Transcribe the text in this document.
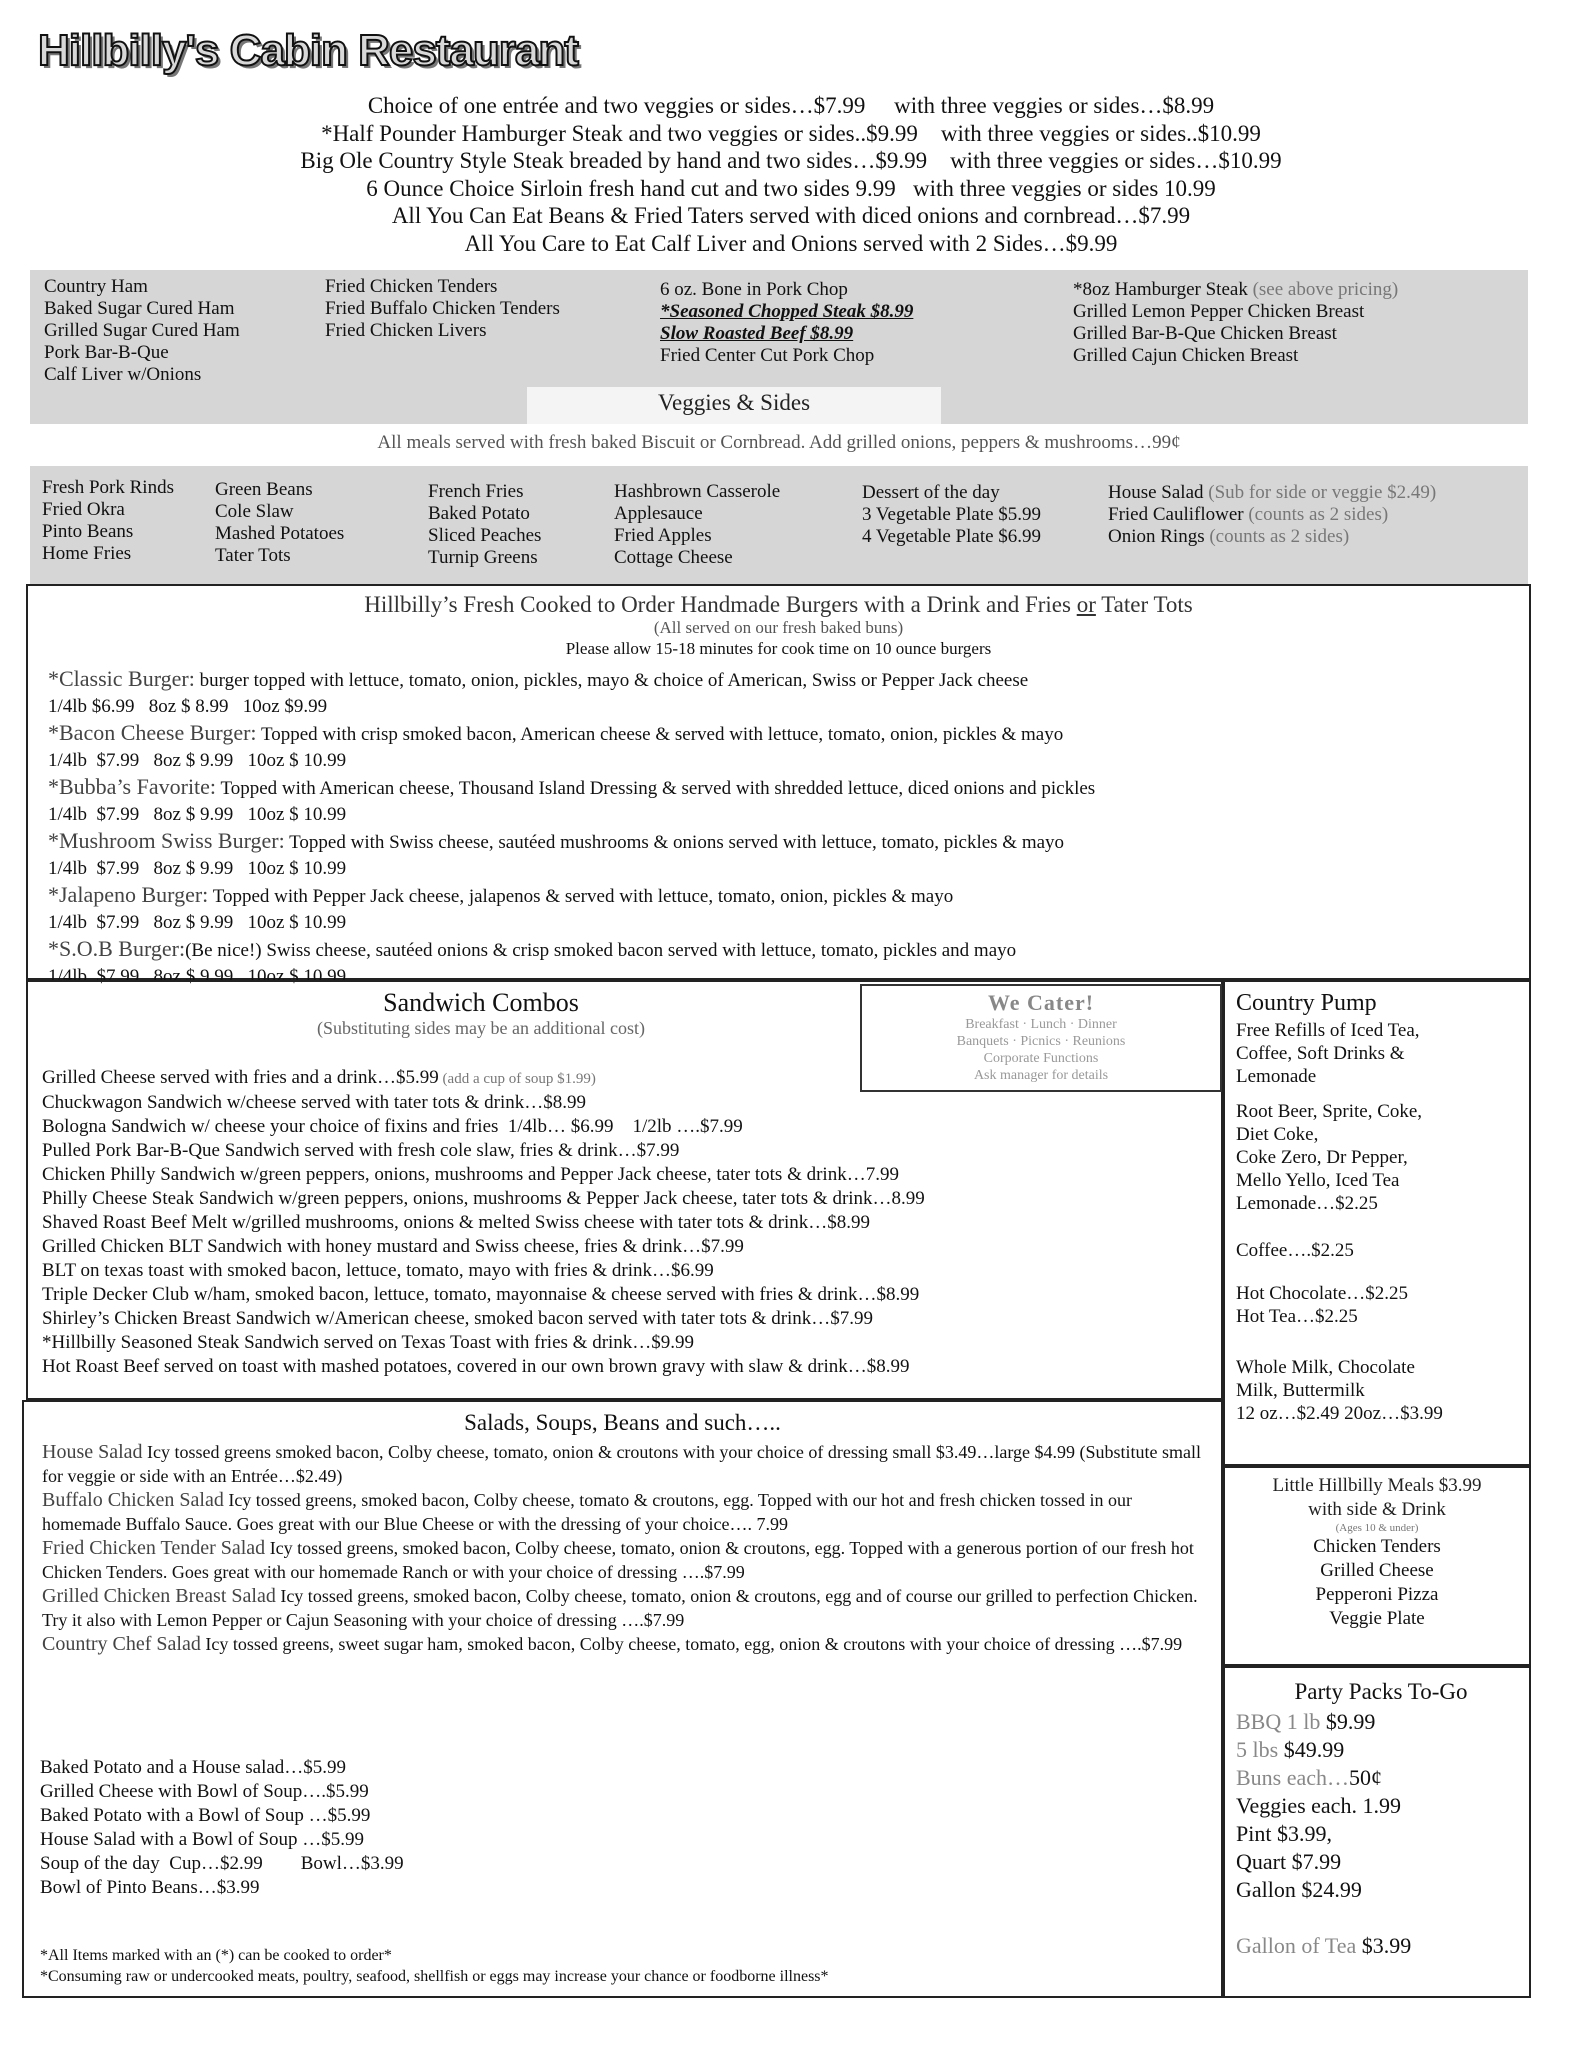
Hillbilly's Cabin Restaurant
Choice of one entrée and two veggies or sides…$7.99     with three veggies or sides…$8.99
*Half Pounder Hamburger Steak and two veggies or sides..$9.99    with three veggies or sides..$10.99
Big Ole Country Style Steak breaded by hand and two sides…$9.99    with three veggies or sides…$10.99
6 Ounce Choice Sirloin fresh hand cut and two sides 9.99   with three veggies or sides 10.99
All You Can Eat Beans & Fried Taters served with diced onions and cornbread…$7.99
All You Care to Eat Calf Liver and Onions served with 2 Sides…$9.99
Country Ham
Baked Sugar Cured Ham
Grilled Sugar Cured Ham
Pork Bar-B-Que
Calf Liver w/Onions
Fried Chicken Tenders
Fried Buffalo Chicken Tenders
Fried Chicken Livers
6 oz. Bone in Pork Chop
*Seasoned Chopped Steak $8.99
Slow Roasted Beef $8.99
Fried Center Cut Pork Chop
*8oz Hamburger Steak (see above pricing)
Grilled Lemon Pepper Chicken Breast
Grilled Bar-B-Que Chicken Breast
Grilled Cajun Chicken Breast
Veggies & Sides
All meals served with fresh baked Biscuit or Cornbread. Add grilled onions, peppers & mushrooms…99¢
Fresh Pork Rinds
Fried Okra
Pinto Beans
Home Fries
Green Beans
Cole Slaw
Mashed Potatoes
Tater Tots
French Fries
Baked Potato
Sliced Peaches
Turnip Greens
Hashbrown Casserole
Applesauce
Fried Apples
Cottage Cheese
Dessert of the day
3 Vegetable Plate $5.99
4 Vegetable Plate $6.99
House Salad (Sub for side or veggie $2.49)
Fried Cauliflower (counts as 2 sides)
Onion Rings (counts as 2 sides)
Hillbilly’s Fresh Cooked to Order Handmade Burgers with a Drink and Fries or Tater Tots
(All served on our fresh baked buns)
Please allow 15-18 minutes for cook time on 10 ounce burgers
*Classic Burger: burger topped with lettuce, tomato, onion, pickles, mayo & choice of American, Swiss or Pepper Jack cheese
1/4lb $6.99   8oz $ 8.99   10oz $9.99
*Bacon Cheese Burger: Topped with crisp smoked bacon, American cheese & served with lettuce, tomato, onion, pickles & mayo
1/4lb  $7.99   8oz $ 9.99   10oz $ 10.99
*Bubba’s Favorite: Topped with American cheese, Thousand Island Dressing & served with shredded lettuce, diced onions and pickles
1/4lb  $7.99   8oz $ 9.99   10oz $ 10.99
*Mushroom Swiss Burger: Topped with Swiss cheese, sautéed mushrooms & onions served with lettuce, tomato, pickles & mayo
1/4lb  $7.99   8oz $ 9.99   10oz $ 10.99
*Jalapeno Burger: Topped with Pepper Jack cheese, jalapenos & served with lettuce, tomato, onion, pickles & mayo
1/4lb  $7.99   8oz $ 9.99   10oz $ 10.99
*S.O.B Burger:(Be nice!) Swiss cheese, sautéed onions & crisp smoked bacon served with lettuce, tomato, pickles and mayo
1/4lb  $7.99   8oz $ 9.99   10oz $ 10.99
Sandwich Combos
(Substituting sides may be an additional cost)
We Cater!
Breakfast · Lunch · Dinner
Banquets · Picnics · Reunions
Corporate Functions
Ask manager for details
Grilled Cheese served with fries and a drink…$5.99 (add a cup of soup $1.99)
Chuckwagon Sandwich w/cheese served with tater tots & drink…$8.99
Bologna Sandwich w/ cheese your choice of fixins and fries  1/4lb… $6.99    1/2lb ….$7.99
Pulled Pork Bar-B-Que Sandwich served with fresh cole slaw, fries & drink…$7.99
Chicken Philly Sandwich w/green peppers, onions, mushrooms and Pepper Jack cheese, tater tots & drink…7.99
Philly Cheese Steak Sandwich w/green peppers, onions, mushrooms & Pepper Jack cheese, tater tots & drink…8.99
Shaved Roast Beef Melt w/grilled mushrooms, onions & melted Swiss cheese with tater tots & drink…$8.99
Grilled Chicken BLT Sandwich with honey mustard and Swiss cheese, fries & drink…$7.99
BLT on texas toast with smoked bacon, lettuce, tomato, mayo with fries & drink…$6.99
Triple Decker Club w/ham, smoked bacon, lettuce, tomato, mayonnaise & cheese served with fries & drink…$8.99
Shirley’s Chicken Breast Sandwich w/American cheese, smoked bacon served with tater tots & drink…$7.99
*Hillbilly Seasoned Steak Sandwich served on Texas Toast with fries & drink…$9.99
Hot Roast Beef served on toast with mashed potatoes, covered in our own brown gravy with slaw & drink…$8.99
Country Pump
Free Refills of Iced Tea,
Coffee, Soft Drinks &
Lemonade
Root Beer, Sprite, Coke,
Diet Coke,
Coke Zero, Dr Pepper,
Mello Yello, Iced Tea
Lemonade…$2.25
Coffee….$2.25
Hot Chocolate…$2.25
Hot Tea…$2.25
Whole Milk, Chocolate
Milk, Buttermilk
12 oz…$2.49 20oz…$3.99
Salads, Soups, Beans and such…..
House Salad Icy tossed greens smoked bacon, Colby cheese, tomato, onion & croutons with your choice of dressing small $3.49…large $4.99 (Substitute small for veggie or side with an Entrée…$2.49)
Buffalo Chicken Salad Icy tossed greens, smoked bacon, Colby cheese, tomato & croutons, egg. Topped with our hot and fresh chicken tossed in our homemade Buffalo Sauce. Goes great with our Blue Cheese or with the dressing of your choice…. 7.99
Fried Chicken Tender Salad Icy tossed greens, smoked bacon, Colby cheese, tomato, onion & croutons, egg. Topped with a generous portion of our fresh hot Chicken Tenders. Goes great with our homemade Ranch or with your choice of dressing ….$7.99
Grilled Chicken Breast Salad Icy tossed greens, smoked bacon, Colby cheese, tomato, onion & croutons, egg and of course our grilled to perfection Chicken. Try it also with Lemon Pepper or Cajun Seasoning with your choice of dressing ….$7.99
Country Chef Salad Icy tossed greens, sweet sugar ham, smoked bacon, Colby cheese, tomato, egg, onion & croutons with your choice of dressing ….$7.99
Baked Potato and a House salad…$5.99
Grilled Cheese with Bowl of Soup….$5.99
Baked Potato with a Bowl of Soup …$5.99
House Salad with a Bowl of Soup …$5.99
Soup of the day  Cup…$2.99        Bowl…$3.99
Bowl of Pinto Beans…$3.99
*All Items marked with an (*) can be cooked to order*
*Consuming raw or undercooked meats, poultry, seafood, shellfish or eggs may increase your chance or foodborne illness*
Little Hillbilly Meals $3.99
with side & Drink
(Ages 10 & under)
Chicken Tenders
Grilled Cheese
Pepperoni Pizza
Veggie Plate
Party Packs To-Go
BBQ 1 lb $9.99
5 lbs $49.99
Buns each…50¢
Veggies each. 1.99
Pint $3.99,
Quart $7.99
Gallon $24.99
Gallon of Tea $3.99
